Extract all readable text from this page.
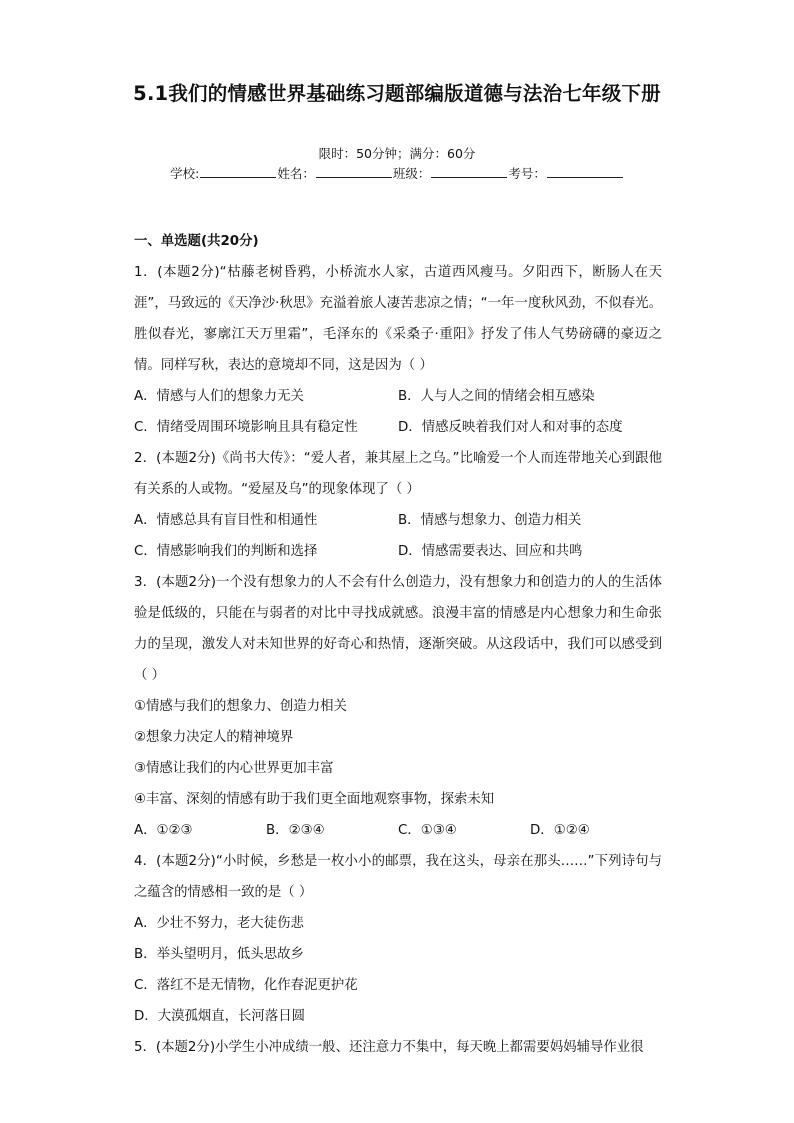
5.1我们的情感世界基础练习题部编版道德与法治七年级下册
限时：50分钟；满分：60分
学校:	姓名：	班级：	考号：
一、单选题(共20分)
1．(本题2分)“枯藤老树昏鸦，小桥流水人家，古道西风瘦马。夕阳西下，断肠人在天涯”，马致远的《天净沙·秋思》充溢着旅人凄苦悲凉之情；“一年一度秋风劲，不似春光。胜似春光，寥廓江天万里霜”，毛泽东的《采桑子·重阳》抒发了伟人气势磅礴的豪迈之情。同样写秋，表达的意境却不同，这是因为（ ）
A．情感与人们的想象力无关	B．人与人之间的情绪会相互感染
C．情绪受周围环境影响且具有稳定性	D．情感反映着我们对人和对事的态度
2．(本题2分)《尚书大传》：“爱人者，兼其屋上之乌。”比喻爱一个人而连带地关心到跟他有关系的人或物。“爱屋及乌”的现象体现了（ ）
A．情感总具有盲目性和相通性	B．情感与想象力、创造力相关
C．情感影响我们的判断和选择	D．情感需要表达、回应和共鸣
3．(本题2分)一个没有想象力的人不会有什么创造力，没有想象力和创造力的人的生活体验是低级的，只能在与弱者的对比中寻找成就感。浪漫丰富的情感是内心想象力和生命张力的呈现，激发人对未知世界的好奇心和热情，逐渐突破。从这段话中，我们可以感受到（ ）
①情感与我们的想象力、创造力相关
②想象力决定人的精神境界
③情感让我们的内心世界更加丰富
④丰富、深刻的情感有助于我们更全面地观察事物，探索未知
A．①②③	B．②③④	C．①③④	D．①②④
4．(本题2分)“小时候，乡愁是一枚小小的邮票，我在这头，母亲在那头……”下列诗句与之蕴含的情感相一致的是（ ）
A．少壮不努力，老大徒伤悲
B．举头望明月，低头思故乡
C．落红不是无情物，化作春泥更护花
D．大漠孤烟直，长河落日圆
5．(本题2分)小学生小冲成绩一般、还注意力不集中，每天晚上都需要妈妈辅导作业很
